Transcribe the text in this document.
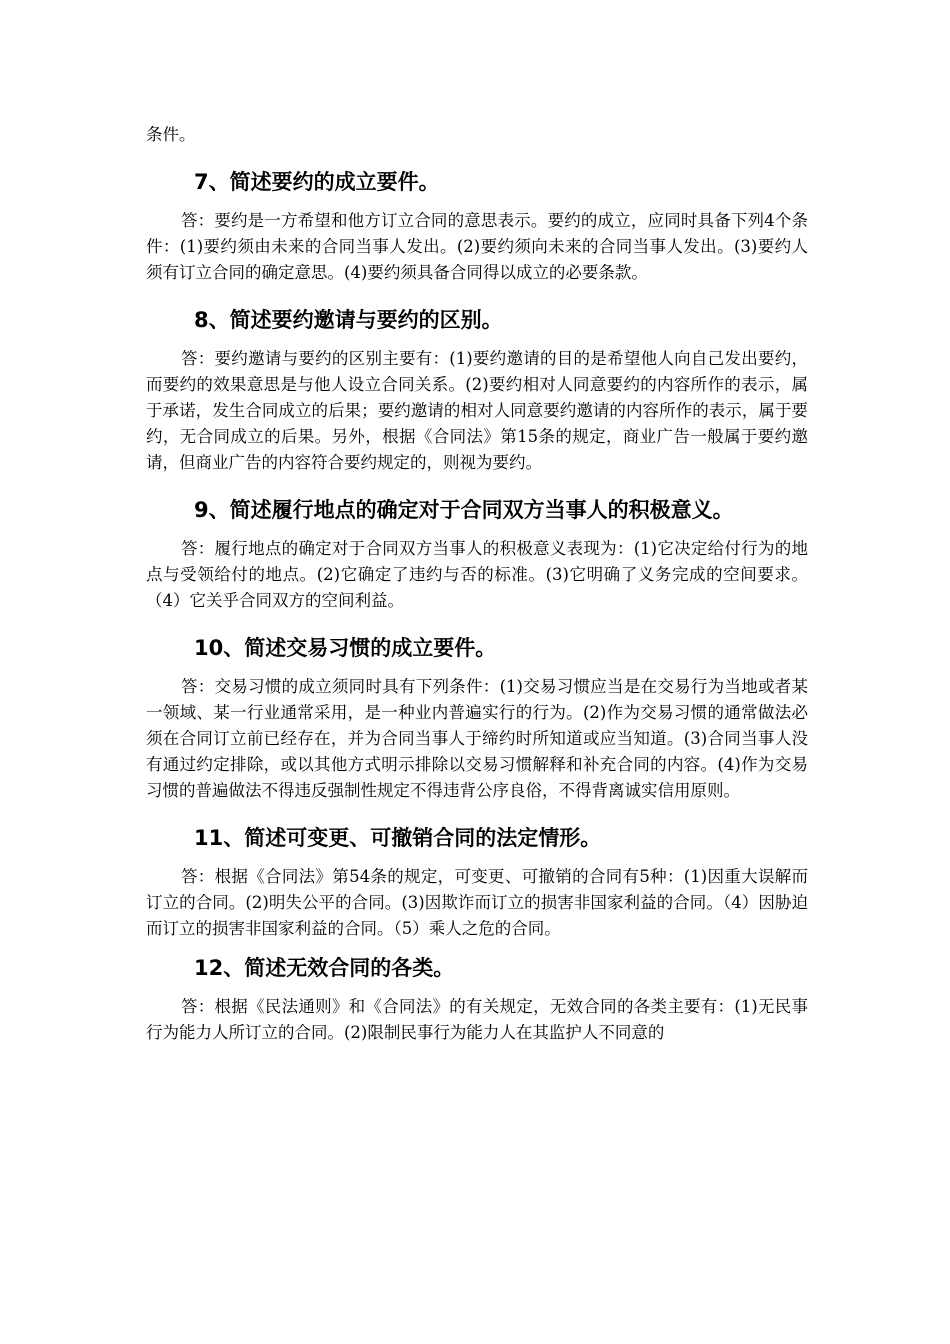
条件。

7、简述要约的成立要件。

答：要约是一方希望和他方订立合同的意思表示。要约的成立，应同时具备下列4个条件：(1)要约须由未来的合同当事人发出。(2)要约须向未来的合同当事人发出。(3)要约人须有订立合同的确定意思。(4)要约须具备合同得以成立的必要条款。

8、简述要约邀请与要约的区别。

答：要约邀请与要约的区别主要有：(1)要约邀请的目的是希望他人向自己发出要约，而要约的效果意思是与他人设立合同关系。(2)要约相对人同意要约的内容所作的表示，属于承诺，发生合同成立的后果；要约邀请的相对人同意要约邀请的内容所作的表示，属于要约，无合同成立的后果。另外，根据《合同法》第15条的规定，商业广告一般属于要约邀请，但商业广告的内容符合要约规定的，则视为要约。

9、简述履行地点的确定对于合同双方当事人的积极意义。

答：履行地点的确定对于合同双方当事人的积极意义表现为：(1)它决定给付行为的地点与受领给付的地点。(2)它确定了违约与否的标准。(3)它明确了义务完成的空间要求。（4）它关乎合同双方的空间利益。

10、简述交易习惯的成立要件。

答：交易习惯的成立须同时具有下列条件：(1)交易习惯应当是在交易行为当地或者某一领域、某一行业通常采用，是一种业内普遍实行的行为。(2)作为交易习惯的通常做法必须在合同订立前已经存在，并为合同当事人于缔约时所知道或应当知道。(3)合同当事人没有通过约定排除，或以其他方式明示排除以交易习惯解释和补充合同的内容。(4)作为交易习惯的普遍做法不得违反强制性规定不得违背公序良俗，不得背离诚实信用原则。

11、简述可变更、可撤销合同的法定情形。

答：根据《合同法》第54条的规定，可变更、可撤销的合同有5种：(1)因重大误解而订立的合同。(2)明失公平的合同。(3)因欺诈而订立的损害非国家利益的合同。（4）因胁迫而订立的损害非国家利益的合同。（5）乘人之危的合同。

12、简述无效合同的各类。

答：根据《民法通则》和《合同法》的有关规定，无效合同的各类主要有：(1)无民事行为能力人所订立的合同。(2)限制民事行为能力人在其监护人不同意的
